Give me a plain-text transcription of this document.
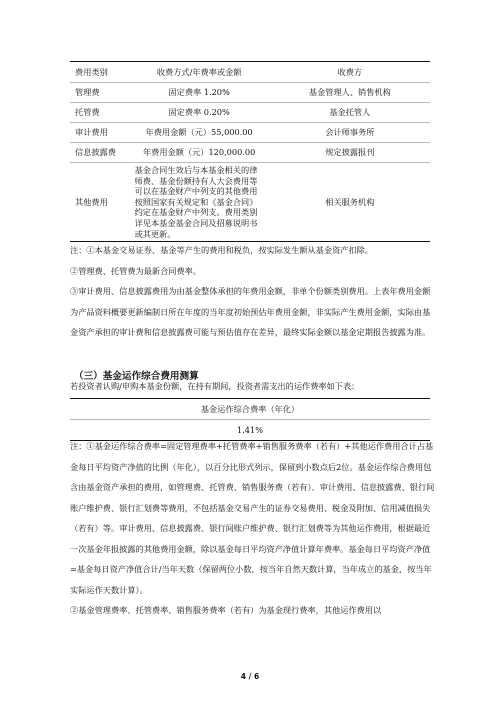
费用类别	收费方式/年费率或金额	收费方
管理费	固定费率 1.20%	基金管理人、销售机构
托管费	固定费率 0.20%	基金托管人
审计费用	年费用金额（元）55,000.00	会计师事务所
信息披露费	年费用金额（元）120,000.00	规定披露报刊
其他费用	基金合同生效后与本基金相关的律师费、基金份额持有人大会费用等可以在基金财产中列支的其他费用按照国家有关规定和《基金合同》约定在基金财产中列支。费用类别详见本基金基金合同及招募说明书或其更新。	相关服务机构

注：①本基金交易证券、基金等产生的费用和税负，按实际发生额从基金资产扣除。

②管理费、托管费为最新合同费率。

③审计费用、信息披露费用为由基金整体承担的年费用金额，非单个份额类别费用。上表年费用金额为产品资料概要更新编制日所在年度的当年度初始预估年费用金额，非实际产生费用金额，实际由基金资产承担的审计费和信息披露费可能与预估值存在差异，最终实际金额以基金定期报告披露为准。

（三）基金运作综合费用测算
若投资者认购/申购本基金份额，在持有期间，投资者需支出的运作费率如下表：
基金运作综合费率（年化）
1.41%

注：①基金运作综合费率=固定管理费率+托管费率+销售服务费率（若有）+其他运作费用合计占基金每日平均资产净值的比例（年化），以百分比形式列示，保留到小数点后2位。基金运作综合费用包含由基金资产承担的费用，如管理费、托管费、销售服务费（若有）、审计费用、信息披露费、银行间账户维护费、银行汇划费等费用，不包括基金交易产生的证券交易费用、税金及附加、信用减值损失（若有）等。审计费用、信息披露费、银行间账户维护费、银行汇划费等为其他运作费用，根据最近一次基金年报披露的其他费用金额，除以基金每日平均资产净值计算年费率。基金每日平均资产净值=基金每日资产净值合计/当年天数（保留两位小数，按当年自然天数计算，当年成立的基金，按当年实际运作天数计算）。

②基金管理费率、托管费率、销售服务费率（若有）为基金现行费率，其他运作费用以

4 / 6
